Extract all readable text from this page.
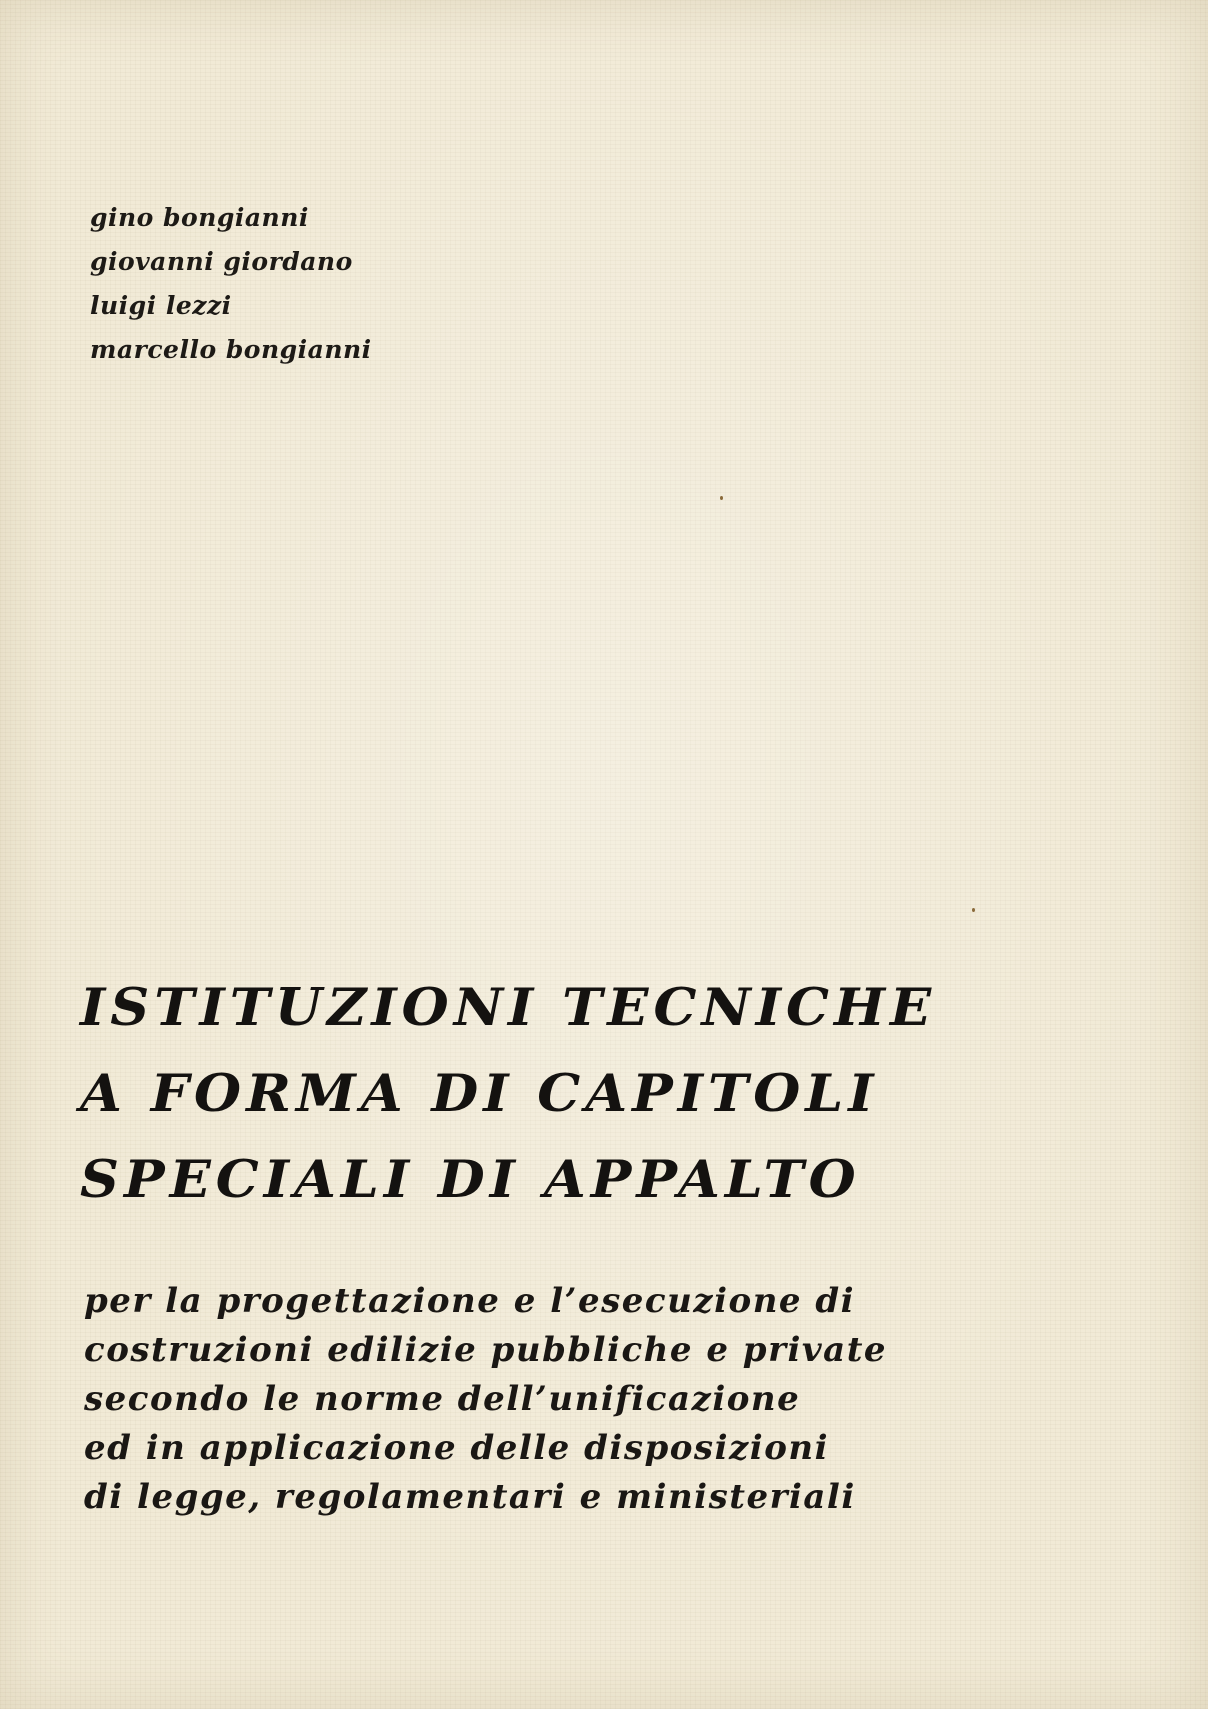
gino bongianni
giovanni giordano
luigi lezzi
marcello bongianni
ISTITUZIONI TECNICHE
A FORMA DI CAPITOLI
SPECIALI DI APPALTO
per la progettazione e l’esecuzione di
costruzioni edilizie pubbliche e private
secondo le norme dell’unificazione
ed in applicazione delle disposizioni
di legge, regolamentari e ministeriali
